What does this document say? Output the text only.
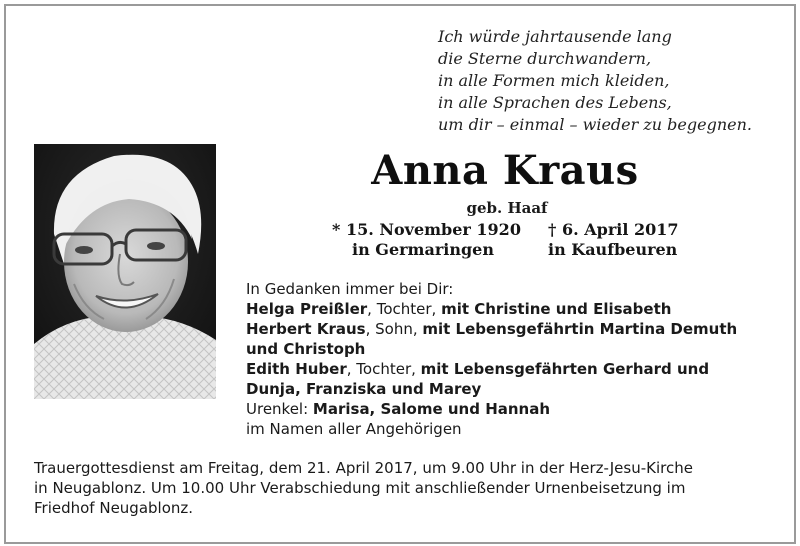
Ich würde jahrtausende lang
die Sterne durchwandern,
in alle Formen mich kleiden,
in alle Sprachen des Lebens,
um dir – einmal – wieder zu begegnen.
Anna Kraus
geb. Haaf
* 15. November 1920
in Germaringen
† 6. April 2017
in Kaufbeuren
In Gedanken immer bei Dir:
Helga Preißler, Tochter, mit Christine und Elisabeth
Herbert Kraus, Sohn, mit Lebensgefährtin Martina Demuth
und Christoph
Edith Huber, Tochter, mit Lebensgefährten Gerhard und
Dunja, Franziska und Marey
Urenkel: Marisa, Salome und Hannah
im Namen aller Angehörigen
Trauergottesdienst am Freitag, dem 21. April 2017, um 9.00 Uhr in der Herz-Jesu-Kirche
in Neugablonz. Um 10.00 Uhr Verabschiedung mit anschließender Urnenbeisetzung im
Friedhof Neugablonz.
